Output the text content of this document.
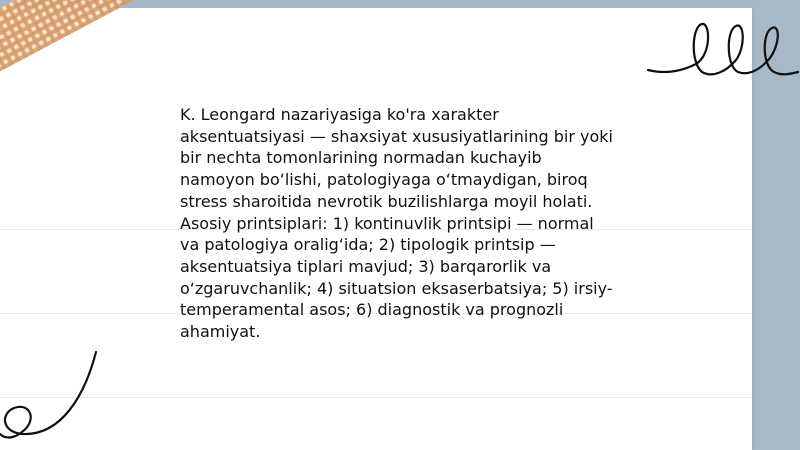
K. Leongard nazariyasiga ko'ra xarakter
aksentuatsiyasi — shaxsiyat xususiyatlarining bir yoki
bir nechta tomonlarining normadan kuchayib
namoyon bo‘lishi, patologiyaga o‘tmaydigan, biroq
stress sharoitida nevrotik buzilishlarga moyil holati.
Asosiy printsiplari: 1) kontinuvlik printsipi — normal
va patologiya oralig‘ida; 2) tipologik printsip —
aksentuatsiya tiplari mavjud; 3) barqarorlik va
o‘zgaruvchanlik; 4) situatsion eksaserbatsiya; 5) irsiy-
temperamental asos; 6) diagnostik va prognozli
ahamiyat.
